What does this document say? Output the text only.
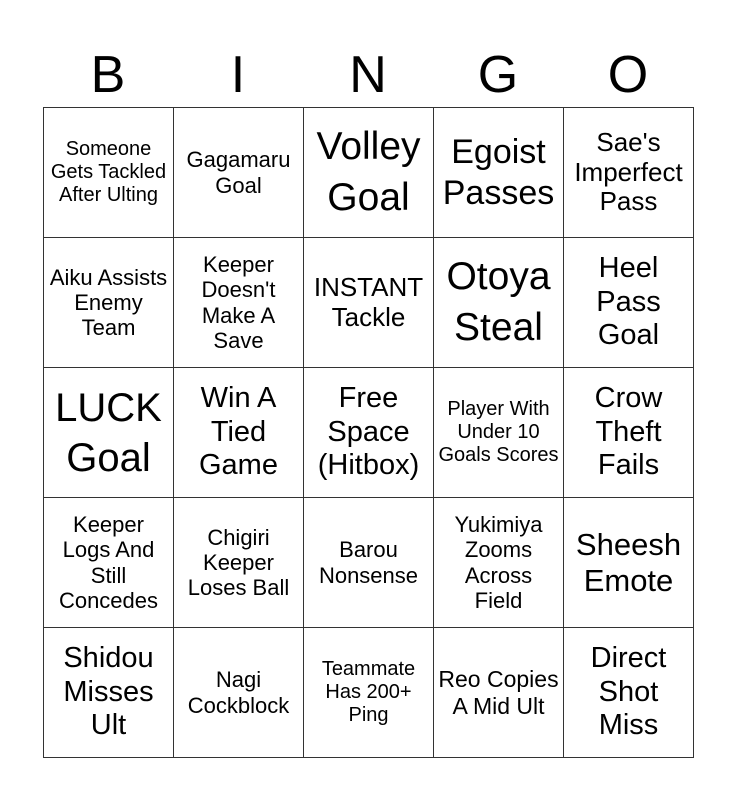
B	I	N	G	O
Someone Gets Tackled After Ulting	Gagamaru Goal	Volley Goal	Egoist Passes	Sae's Imperfect Pass
Aiku Assists Enemy Team	Keeper Doesn't Make A Save	INSTANT Tackle	Otoya Steal	Heel Pass Goal
LUCK Goal	Win A Tied Game	Free Space (Hitbox)	Player With Under 10 Goals Scores	Crow Theft Fails
Keeper Logs And Still Concedes	Chigiri Keeper Loses Ball	Barou Nonsense	Yukimiya Zooms Across Field	Sheesh Emote
Shidou Misses Ult	Nagi Cockblock	Teammate Has 200+ Ping	Reo Copies A Mid Ult	Direct Shot Miss
